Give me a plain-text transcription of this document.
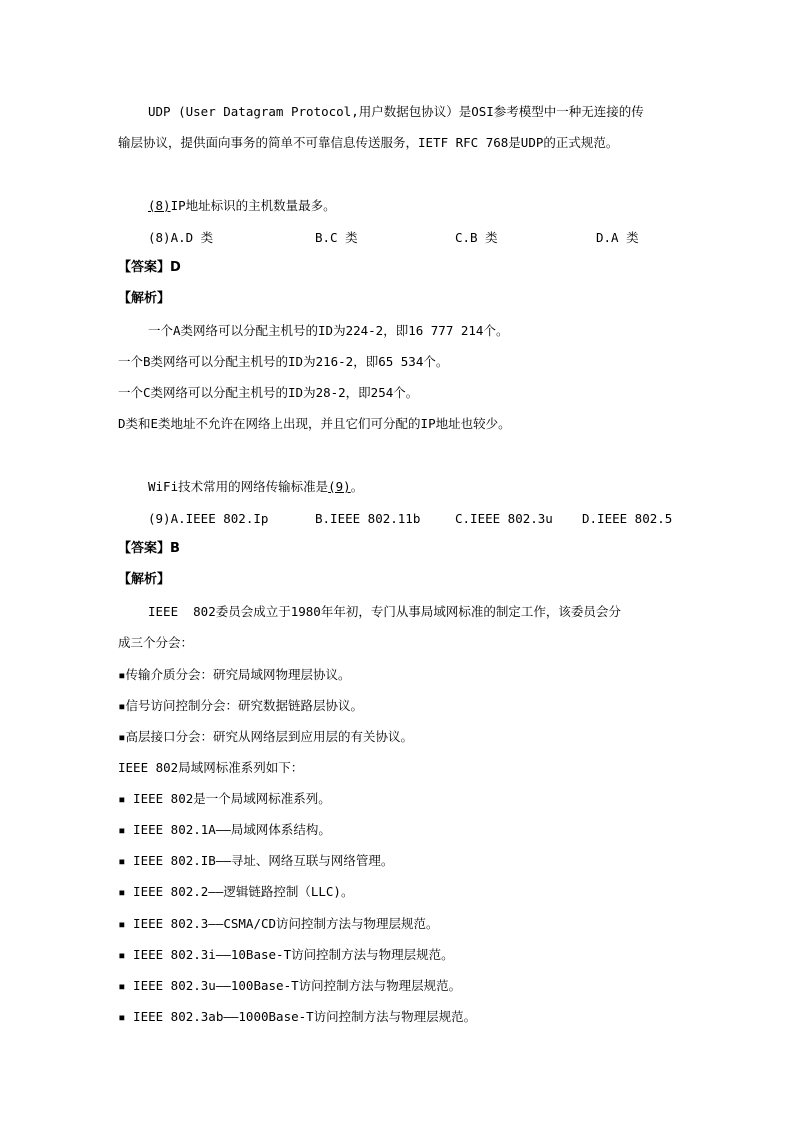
UDP (User Datagram Protocol,用户数据包协议）是OSI参考模型中一种无连接的传
输层协议，提供面向事务的简单不可靠信息传送服务，IETF RFC 768是UDP的正式规范。
(8)IP地址标识的主机数量最多。
(8)A.D 类	B.C 类	C.B 类	D.A 类
【答案】D
【解析】
一个A类网络可以分配主机号的ID为224-2，即16 777 214个。
一个B类网络可以分配主机号的ID为216-2，即65 534个。
一个C类网络可以分配主机号的ID为28-2，即254个。
D类和E类地址不允许在网络上出现，并且它们可分配的IP地址也较少。
WiFi技术常用的网络传输标准是(9)。
(9)A.IEEE 802.Ip	B.IEEE 802.11b	C.IEEE 802.3u D.IEEE 802.5
【答案】B
【解析】
IEEE  802委员会成立于1980年年初，专门从事局域网标准的制定工作，该委员会分
成三个分会：
▪传输介质分会：研究局域网物理层协议。
▪信号访问控制分会：研究数据链路层协议。
▪高层接口分会：研究从网络层到应用层的有关协议。
IEEE 802局域网标准系列如下：
▪ IEEE 802是一个局域网标准系列。
▪ IEEE 802.1A——局域网体系结构。
▪ IEEE 802.IB——寻址、网络互联与网络管理。
▪ IEEE 802.2——逻辑链路控制（LLC)。
▪ IEEE 802.3——CSMA/CD访问控制方法与物理层规范。
▪ IEEE 802.3i——10Base-T访问控制方法与物理层规范。
▪ IEEE 802.3u——100Base-T访问控制方法与物理层规范。
▪ IEEE 802.3ab——1000Base-T访问控制方法与物理层规范。
